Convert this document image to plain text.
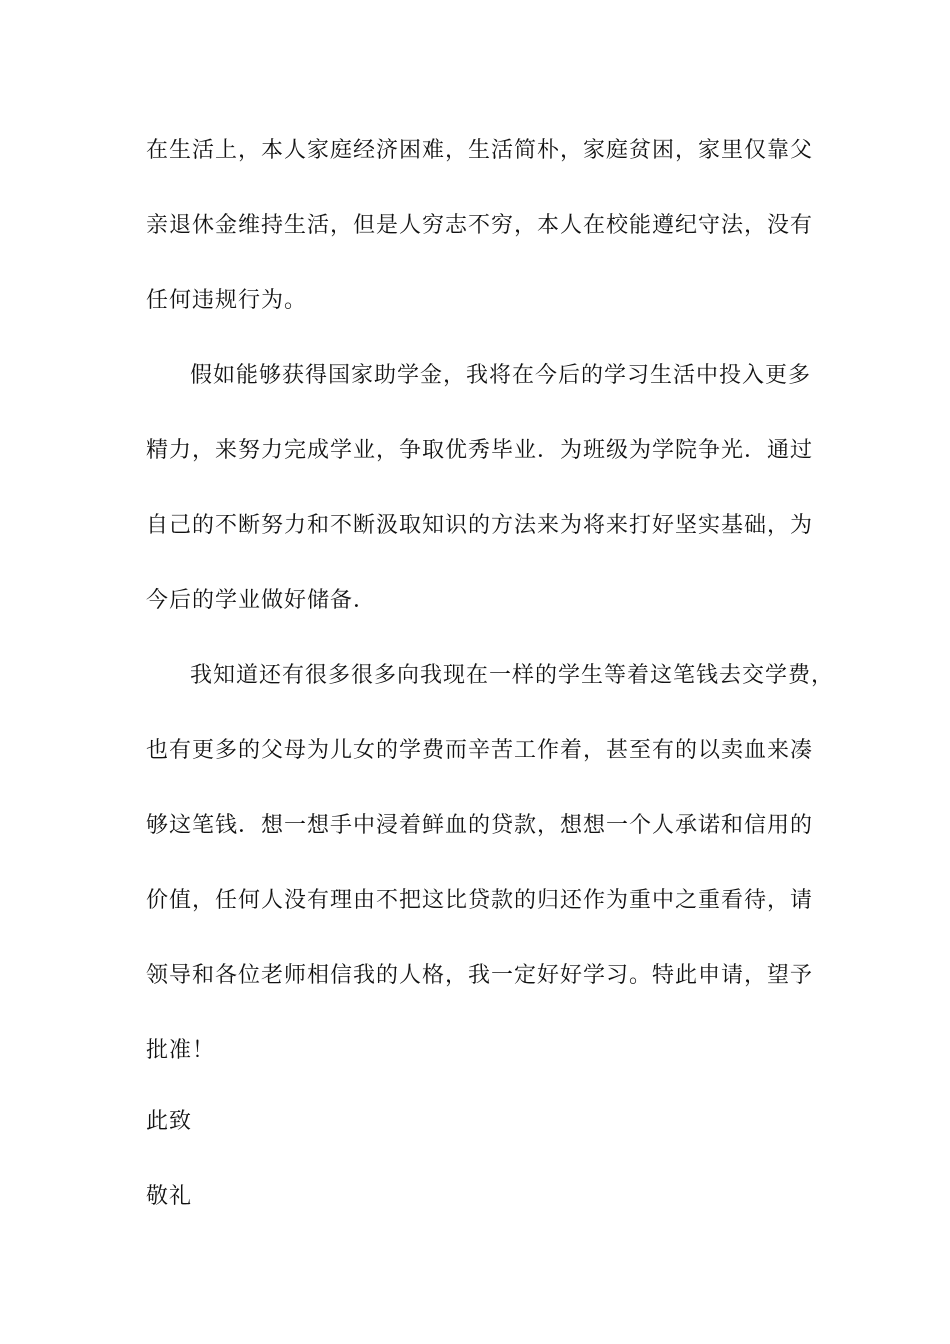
在生活上，本人家庭经济困难，生活简朴，家庭贫困，家里仅靠父
亲退休金维持生活，但是人穷志不穷，本人在校能遵纪守法，没有
任何违规行为。
假如能够获得国家助学金，我将在今后的学习生活中投入更多
精力，来努力完成学业，争取优秀毕业．为班级为学院争光．通过
自己的不断努力和不断汲取知识的方法来为将来打好坚实基础，为
今后的学业做好储备．
我知道还有很多很多向我现在一样的学生等着这笔钱去交学费，
也有更多的父母为儿女的学费而辛苦工作着，甚至有的以卖血来凑
够这笔钱．想一想手中浸着鲜血的贷款，想想一个人承诺和信用的
价值，任何人没有理由不把这比贷款的归还作为重中之重看待，请
领导和各位老师相信我的人格，我一定好好学习。特此申请，望予
批准！
此致
敬礼
